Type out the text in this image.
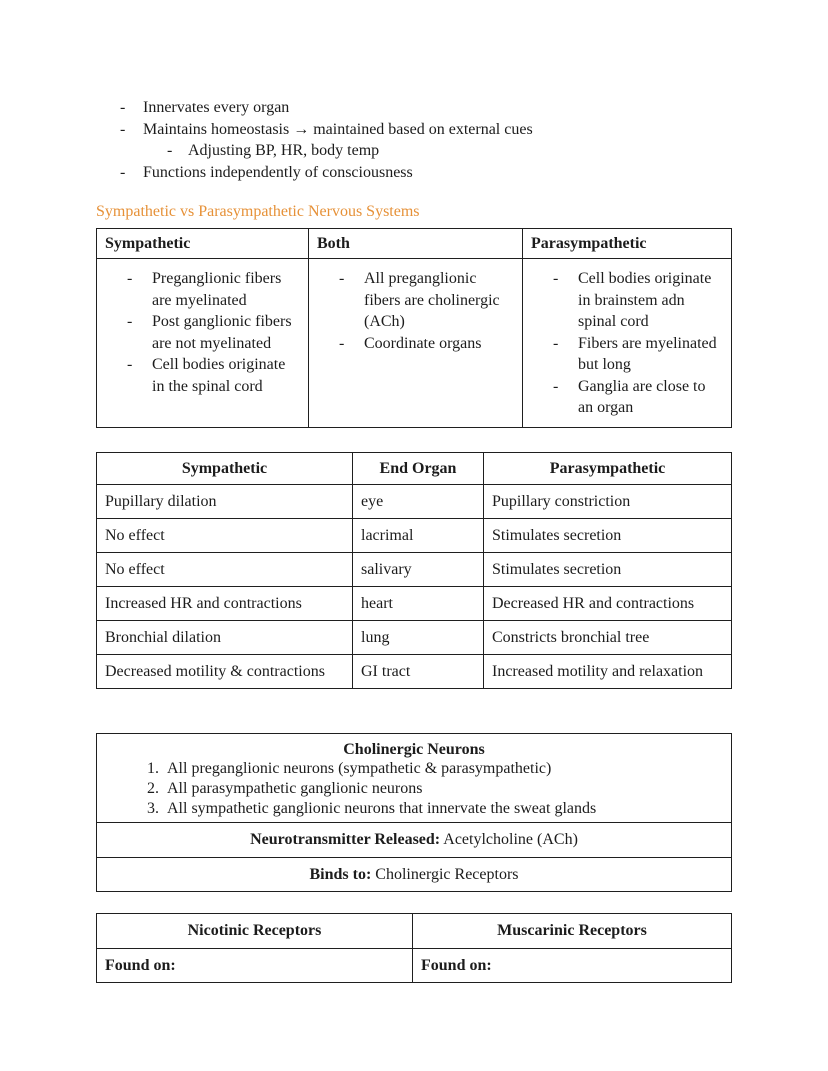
-
Innervates every organ
-
Maintains homeostasis → maintained based on external cues
-
Adjusting BP, HR, body temp
-
Functions independently of consciousness
Sympathetic vs Parasympathetic Nervous Systems
Sympathetic	Both	Parasympathetic

-
Preganglionic fibers are myelinated
-
Post ganglionic fibers are not myelinated
-
Cell bodies originate in the spinal cord

-
All preganglionic fibers are cholinergic (ACh)
-
Coordinate organs

-
Cell bodies originate in brainstem adn spinal cord
-
Fibers are myelinated but long
-
Ganglia are close to an organ
Sympathetic	End Organ	Parasympathetic
Pupillary dilation	eye	Pupillary constriction
No effect	lacrimal	Stimulates secretion
No effect	salivary	Stimulates secretion
Increased HR and contractions	heart	Decreased HR and contractions
Bronchial dilation	lung	Constricts bronchial tree
Decreased motility & contractions	GI tract	Increased motility and relaxation
Cholinergic Neurons
All preganglionic neurons (sympathetic & parasympathetic)
All parasympathetic ganglionic neurons
All sympathetic ganglionic neurons that innervate the sweat glands

Neurotransmitter Released: Acetylcholine (ACh)
Binds to: Cholinergic Receptors
Nicotinic Receptors	Muscarinic Receptors
Found on:	Found on:
